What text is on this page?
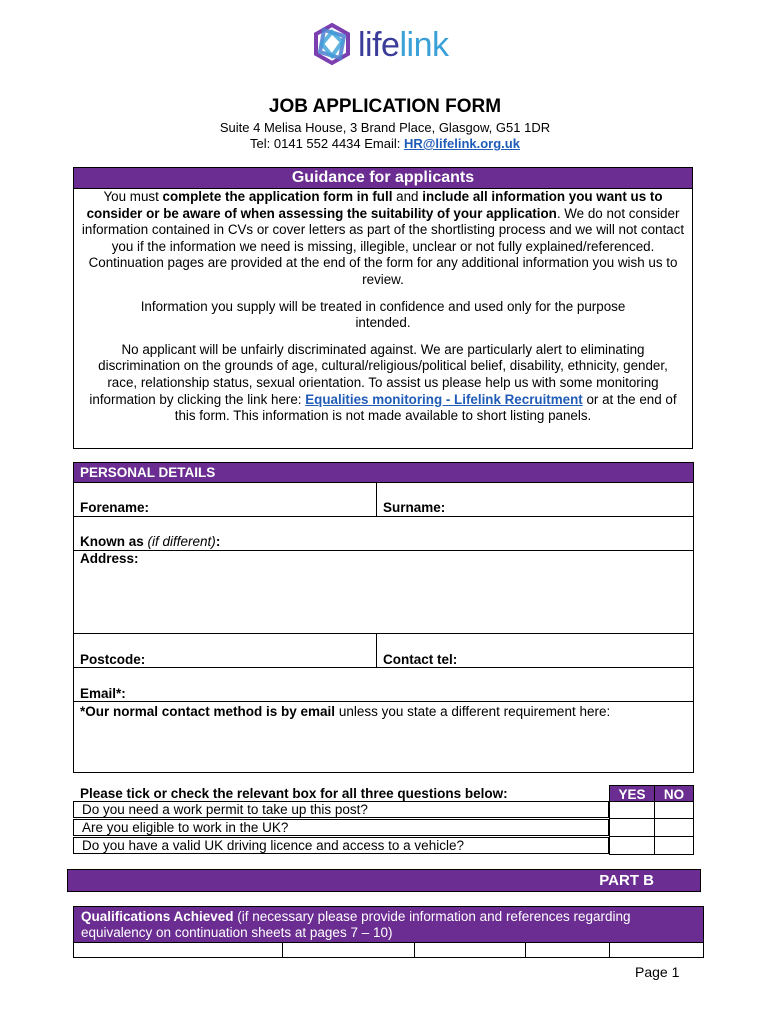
lifelink
JOB APPLICATION FORM
Suite 4 Melisa House, 3 Brand Place, Glasgow, G51 1DR
Tel: 0141 552 4434 Email: HR@lifelink.org.uk
Guidance for applicants

You must complete the application form in full and include all information you want us to consider or be aware of when assessing the suitability of your application. We do not consider information contained in CVs or cover letters as part of the shortlisting process and we will not contact you if the information we need is missing, illegible, unclear or not fully explained/referenced. Continuation pages are provided at the end of the form for any additional information you wish us to review.

Information you supply will be treated in confidence and used only for the purpose intended.

No applicant will be unfairly discriminated against. We are particularly alert to eliminating discrimination on the grounds of age, cultural/religious/political belief, disability, ethnicity, gender, race, relationship status, sexual orientation. To assist us please help us with some monitoring information by clicking the link here: Equalities monitoring - Lifelink Recruitment or at the end of this form. This information is not made available to short listing panels.

PERSONAL DETAILS
Forename:	Surname:
Known as (if different):
Address:
Postcode:	Contact tel:
Email*:
*Our normal contact method is by email unless you state a different requirement here:
Please tick or check the relevant box for all three questions below:	YES	NO
Do you need a work permit to take up this post?
Are you eligible to work in the UK?
Do you have a valid UK driving licence and access to a vehicle?
PART B
Qualifications Achieved (if necessary please provide information and references regarding equivalency on continuation sheets at pages 7 – 10)
Page 1
